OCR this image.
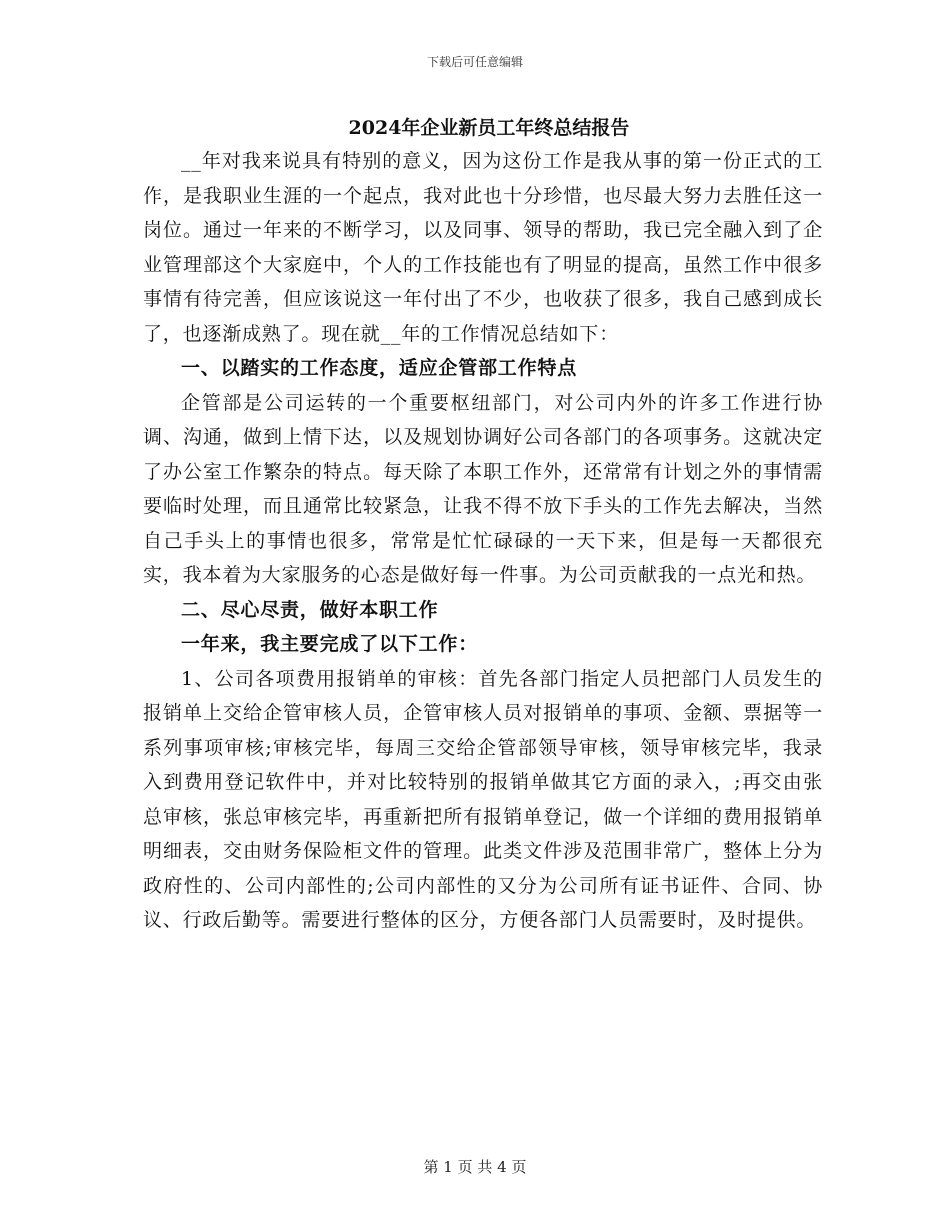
下载后可任意编辑
2024年企业新员工年终总结报告

__年对我来说具有特别的意义，因为这份工作是我从事的第一份正式的工作，是我职业生涯的一个起点，我对此也十分珍惜，也尽最大努力去胜任这一岗位。通过一年来的不断学习，以及同事、领导的帮助，我已完全融入到了企业管理部这个大家庭中，个人的工作技能也有了明显的提高，虽然工作中很多事情有待完善，但应该说这一年付出了不少，也收获了很多，我自己感到成长了，也逐渐成熟了。现在就__年的工作情况总结如下：

一、以踏实的工作态度，适应企管部工作特点

企管部是公司运转的一个重要枢纽部门，对公司内外的许多工作进行协调、沟通，做到上情下达，以及规划协调好公司各部门的各项事务。这就决定了办公室工作繁杂的特点。每天除了本职工作外，还常常有计划之外的事情需要临时处理，而且通常比较紧急，让我不得不放下手头的工作先去解决，当然自己手头上的事情也很多，常常是忙忙碌碌的一天下来，但是每一天都很充实，我本着为大家服务的心态是做好每一件事。为公司贡献我的一点光和热。

二、尽心尽责，做好本职工作

一年来，我主要完成了以下工作：

1、公司各项费用报销单的审核：首先各部门指定人员把部门人员发生的报销单上交给企管审核人员，企管审核人员对报销单的事项、金额、票据等一系列事项审核;审核完毕，每周三交给企管部领导审核，领导审核完毕，我录入到费用登记软件中，并对比较特别的报销单做其它方面的录入，;再交由张总审核，张总审核完毕，再重新把所有报销单登记，做一个详细的费用报销单明细表，交由财务保险柜文件的管理。此类文件涉及范围非常广，整体上分为政府性的、公司内部性的;公司内部性的又分为公司所有证书证件、合同、协议、行政后勤等。需要进行整体的区分，方便各部门人员需要时，及时提供。

第 1 页 共 4 页
